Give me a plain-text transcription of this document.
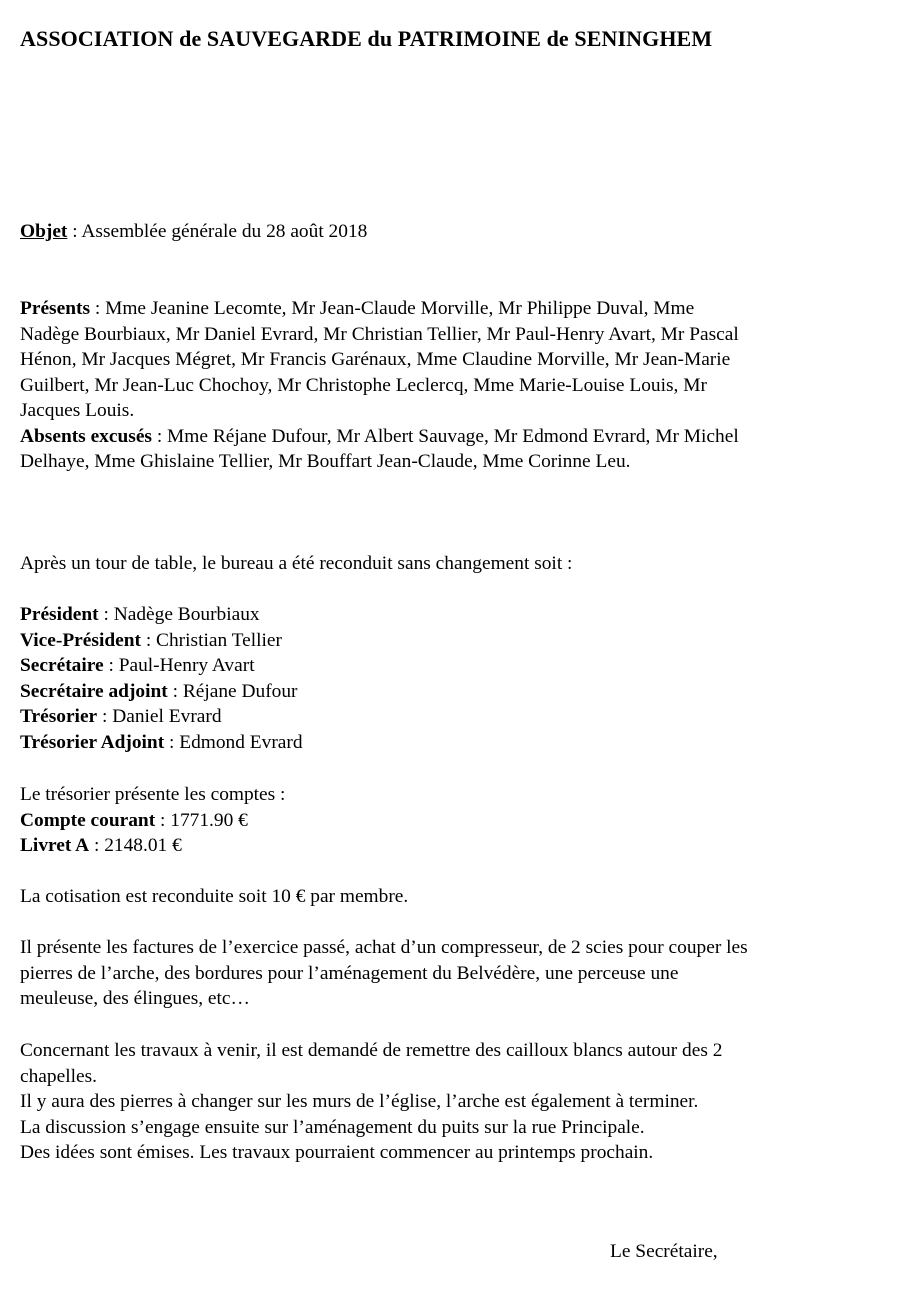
ASSOCIATION de SAUVEGARDE du PATRIMOINE de SENINGHEM
Objet : Assemblée générale du 28 août 2018
Présents : Mme Jeanine Lecomte, Mr Jean-Claude Morville, Mr Philippe Duval, Mme
Nadège Bourbiaux, Mr Daniel Evrard, Mr Christian Tellier, Mr Paul-Henry Avart, Mr Pascal
Hénon, Mr Jacques Mégret, Mr Francis Garénaux, Mme Claudine Morville, Mr Jean-Marie
Guilbert, Mr Jean-Luc Chochoy, Mr Christophe Leclercq, Mme Marie-Louise Louis, Mr
Jacques Louis.
Absents excusés : Mme Réjane Dufour, Mr Albert Sauvage, Mr Edmond Evrard, Mr Michel
Delhaye, Mme Ghislaine Tellier, Mr Bouffart Jean-Claude, Mme Corinne Leu.
Après un tour de table, le bureau a été reconduit sans changement soit :
Président : Nadège Bourbiaux
Vice-Président : Christian Tellier
Secrétaire : Paul-Henry Avart
Secrétaire adjoint : Réjane Dufour
Trésorier : Daniel Evrard
Trésorier Adjoint : Edmond Evrard
Le trésorier présente les comptes :
Compte courant : 1771.90 €
Livret A : 2148.01 €
La cotisation est reconduite soit 10 € par membre.
Il présente les factures de l’exercice passé, achat d’un compresseur, de 2 scies pour couper les
pierres de l’arche, des bordures pour l’aménagement du Belvédère, une perceuse une
meuleuse, des élingues, etc…
Concernant les travaux à venir, il est demandé de remettre des cailloux blancs autour des 2
chapelles.
Il y aura des pierres à changer sur les murs de l’église, l’arche est également à terminer.
La discussion s’engage ensuite sur l’aménagement du puits sur la rue Principale.
Des idées sont émises. Les travaux pourraient commencer au printemps prochain.
Le Secrétaire,
